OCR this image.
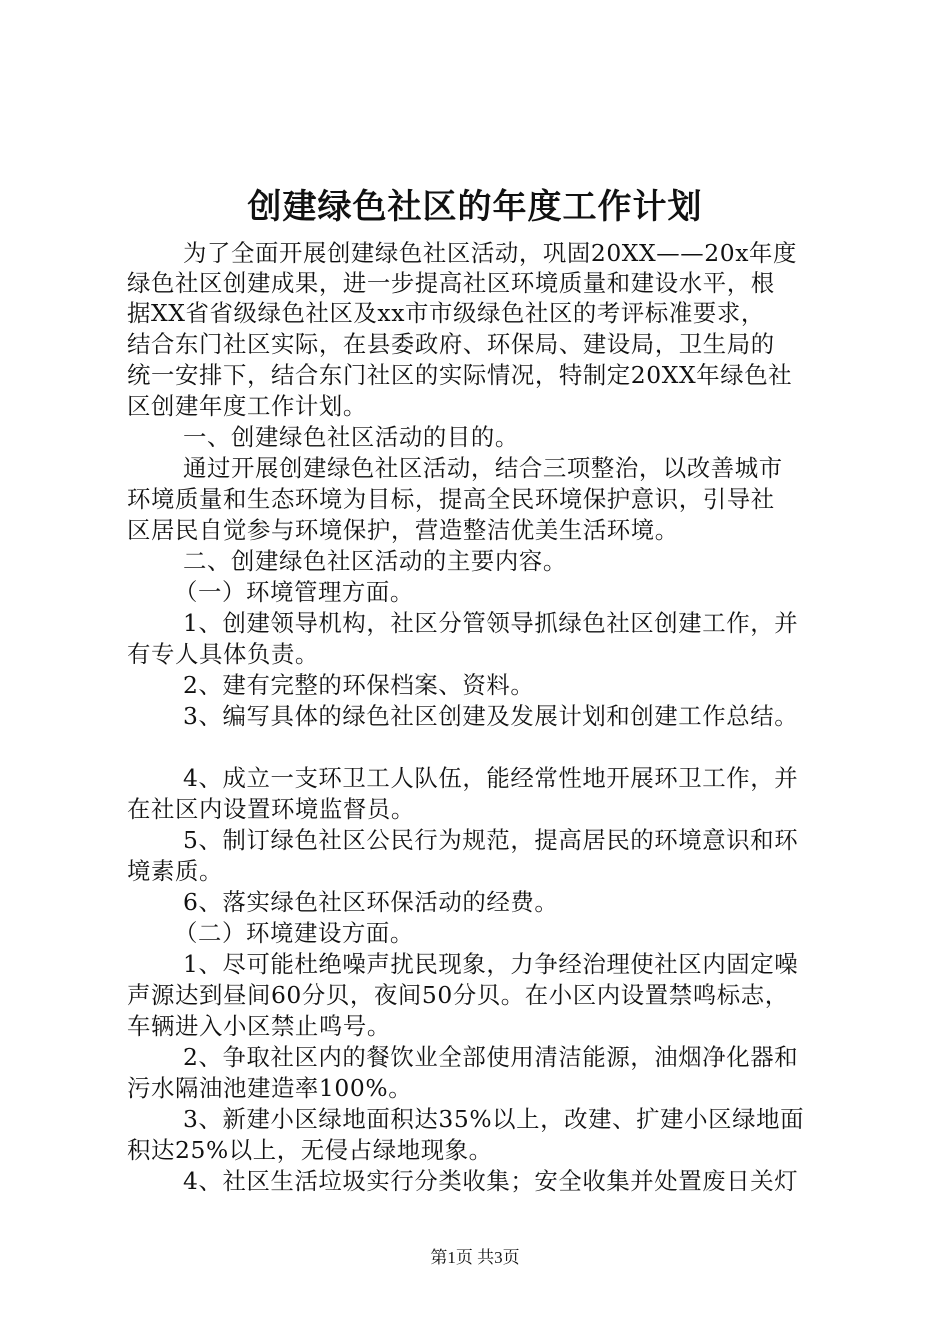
创建绿色社区的年度工作计划
为了全面开展创建绿色社区活动，巩固20XX——20x年度
绿色社区创建成果，进一步提高社区环境质量和建设水平，根
据XX省省级绿色社区及xx市市级绿色社区的考评标准要求，
结合东门社区实际，在县委政府、环保局、建设局，卫生局的
统一安排下，结合东门社区的实际情况，特制定20XX年绿色社
区创建年度工作计划。
一、创建绿色社区活动的目的。
通过开展创建绿色社区活动，结合三项整治，以改善城市
环境质量和生态环境为目标，提高全民环境保护意识，引导社
区居民自觉参与环境保护，营造整洁优美生活环境。
二、创建绿色社区活动的主要内容。
（一）环境管理方面。
1、创建领导机构，社区分管领导抓绿色社区创建工作，并
有专人具体负责。
2、建有完整的环保档案、资料。
3、编写具体的绿色社区创建及发展计划和创建工作总结。
4、成立一支环卫工人队伍，能经常性地开展环卫工作，并
在社区内设置环境监督员。
5、制订绿色社区公民行为规范，提高居民的环境意识和环
境素质。
6、落实绿色社区环保活动的经费。
（二）环境建设方面。
1、尽可能杜绝噪声扰民现象，力争经治理使社区内固定噪
声源达到昼间60分贝，夜间50分贝。在小区内设置禁鸣标志，
车辆进入小区禁止鸣号。
2、争取社区内的餐饮业全部使用清洁能源，油烟净化器和
污水隔油池建造率100%。
3、新建小区绿地面积达35%以上，改建、扩建小区绿地面
积达25%以上，无侵占绿地现象。
4、社区生活垃圾实行分类收集；安全收集并处置废日关灯
第1页 共3页
